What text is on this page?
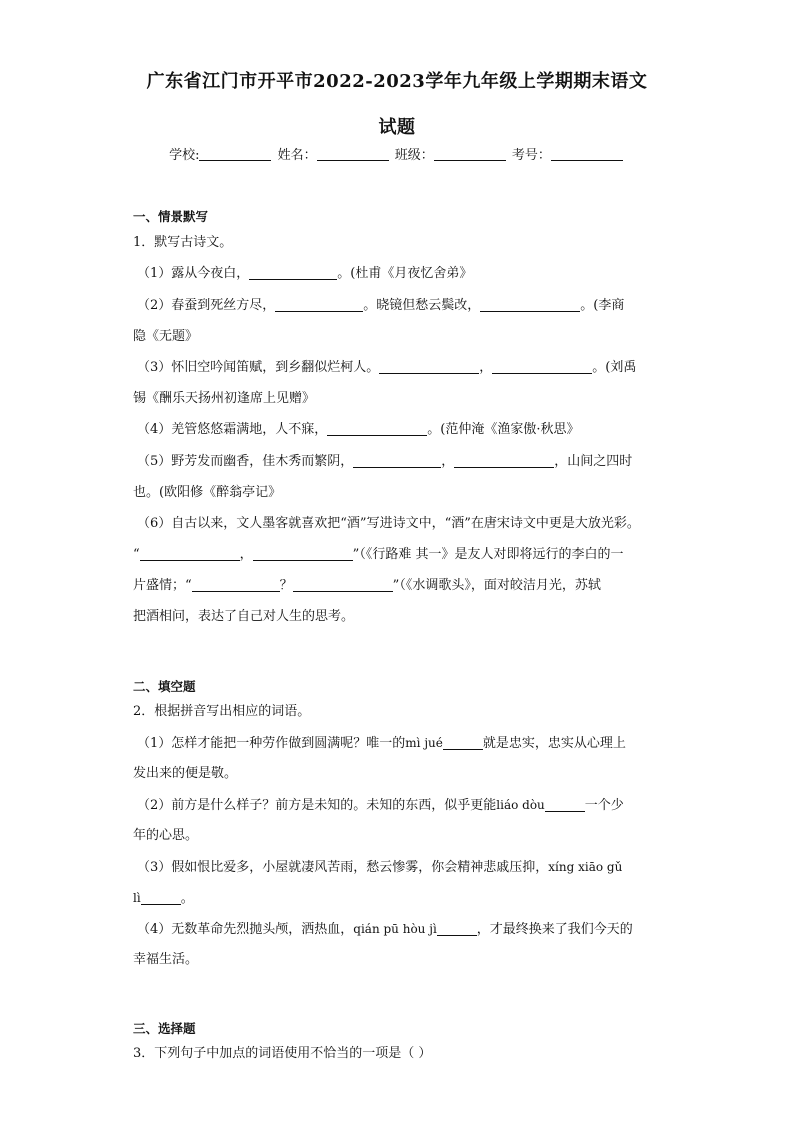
广东省江门市开平市2022-2023学年九年级上学期期末语文
试题
学校:	姓名：	班级：	考号：
一、情景默写
1．默写古诗文。
（1）露从今夜白，	。(杜甫《月夜忆舍弟》
（2）春蚕到死丝方尽，	。晓镜但愁云鬓改，	。(李商
隐《无题》
（3）怀旧空吟闻笛赋，到乡翻似烂柯人。	，	。(刘禹
锡《酬乐天扬州初逢席上见赠》
（4）羌管悠悠霜满地，人不寐，	。(范仲淹《渔家傲·秋思》
（5）野芳发而幽香，佳木秀而繁阴，	，	，山间之四时
也。(欧阳修《醉翁亭记》
（6）自古以来，文人墨客就喜欢把“酒”写进诗文中，“酒”在唐宋诗文中更是大放光彩。
“	，	”（《行路难 其一》是友人对即将远行的李白的一
片盛情；“	？	”（《水调歌头》，面对皎洁月光，苏轼
把酒相问，表达了自己对人生的思考。
二、填空题
2．根据拼音写出相应的词语。
（1）怎样才能把一种劳作做到圆满呢？唯一的mì jué	就是忠实，忠实从心理上
发出来的便是敬。
（2）前方是什么样子？前方是未知的。未知的东西，似乎更能liáo dòu	一个少
年的心思。
（3）假如恨比爱多，小屋就凄风苦雨，愁云惨雾，你会精神悲戚压抑，xíng xiāo gǔ
lì	。
（4）无数革命先烈抛头颅，洒热血，qián pū hòu jì	，才最终换来了我们今天的
幸福生活。
三、选择题
3．下列句子中加点的词语使用不恰当的一项是（ ）
